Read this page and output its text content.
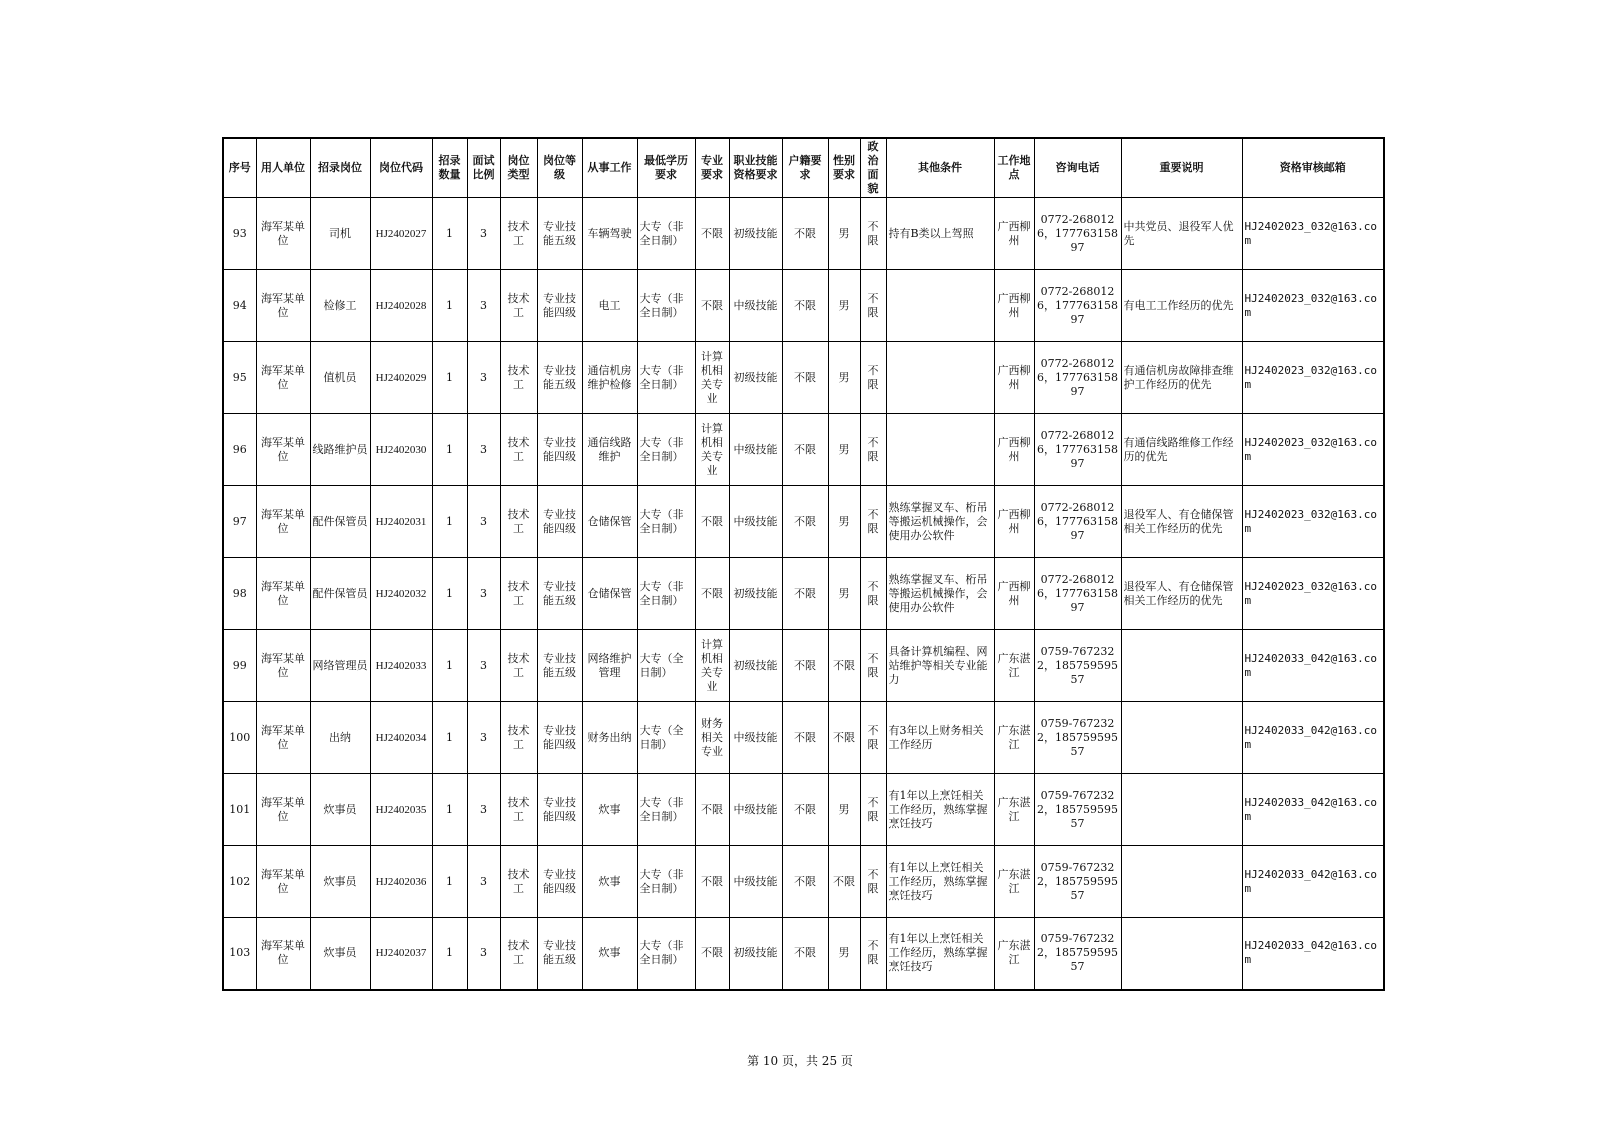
序号	用人单位	招录岗位	岗位代码	招录数量	面试比例	岗位类型	岗位等级	从事工作	最低学历要求	专业要求	职业技能资格要求	户籍要求	性别要求	政治面貌	其他条件	工作地点	咨询电话	重要说明	资格审核邮箱
93	海军某单位	司机	HJ2402027	1	3	技术工	专业技能五级	车辆驾驶	大专（非全日制）	不限	初级技能	不限	男	不限	持有B类以上驾照	广西柳州	0772-2680126，17776315897	中共党员、退役军人优先	HJ2402023_032@163.com
94	海军某单位	检修工	HJ2402028	1	3	技术工	专业技能四级	电工	大专（非全日制）	不限	中级技能	不限	男	不限		广西柳州	0772-2680126，17776315897	有电工工作经历的优先	HJ2402023_032@163.com
95	海军某单位	值机员	HJ2402029	1	3	技术工	专业技能五级	通信机房维护检修	大专（非全日制）	计算机相关专业	初级技能	不限	男	不限		广西柳州	0772-2680126，17776315897	有通信机房故障排查维护工作经历的优先	HJ2402023_032@163.com
96	海军某单位	线路维护员	HJ2402030	1	3	技术工	专业技能四级	通信线路维护	大专（非全日制）	计算机相关专业	中级技能	不限	男	不限		广西柳州	0772-2680126，17776315897	有通信线路维修工作经历的优先	HJ2402023_032@163.com
97	海军某单位	配件保管员	HJ2402031	1	3	技术工	专业技能四级	仓储保管	大专（非全日制）	不限	中级技能	不限	男	不限	熟练掌握叉车、桁吊等搬运机械操作，会使用办公软件	广西柳州	0772-2680126，17776315897	退役军人、有仓储保管相关工作经历的优先	HJ2402023_032@163.com
98	海军某单位	配件保管员	HJ2402032	1	3	技术工	专业技能五级	仓储保管	大专（非全日制）	不限	初级技能	不限	男	不限	熟练掌握叉车、桁吊等搬运机械操作，会使用办公软件	广西柳州	0772-2680126，17776315897	退役军人、有仓储保管相关工作经历的优先	HJ2402023_032@163.com
99	海军某单位	网络管理员	HJ2402033	1	3	技术工	专业技能五级	网络维护管理	大专（全日制）	计算机相关专业	初级技能	不限	不限	不限	具备计算机编程、网站维护等相关专业能力	广东湛江	0759-7672322，18575959557		HJ2402033_042@163.com
100	海军某单位	出纳	HJ2402034	1	3	技术工	专业技能四级	财务出纳	大专（全日制）	财务相关专业	中级技能	不限	不限	不限	有3年以上财务相关工作经历	广东湛江	0759-7672322，18575959557		HJ2402033_042@163.com
101	海军某单位	炊事员	HJ2402035	1	3	技术工	专业技能四级	炊事	大专（非全日制）	不限	中级技能	不限	男	不限	有1年以上烹饪相关工作经历，熟练掌握烹饪技巧	广东湛江	0759-7672322，18575959557		HJ2402033_042@163.com
102	海军某单位	炊事员	HJ2402036	1	3	技术工	专业技能四级	炊事	大专（非全日制）	不限	中级技能	不限	不限	不限	有1年以上烹饪相关工作经历，熟练掌握烹饪技巧	广东湛江	0759-7672322，18575959557		HJ2402033_042@163.com
103	海军某单位	炊事员	HJ2402037	1	3	技术工	专业技能五级	炊事	大专（非全日制）	不限	初级技能	不限	男	不限	有1年以上烹饪相关工作经历，熟练掌握烹饪技巧	广东湛江	0759-7672322，18575959557		HJ2402033_042@163.com
第 10 页，共 25 页
